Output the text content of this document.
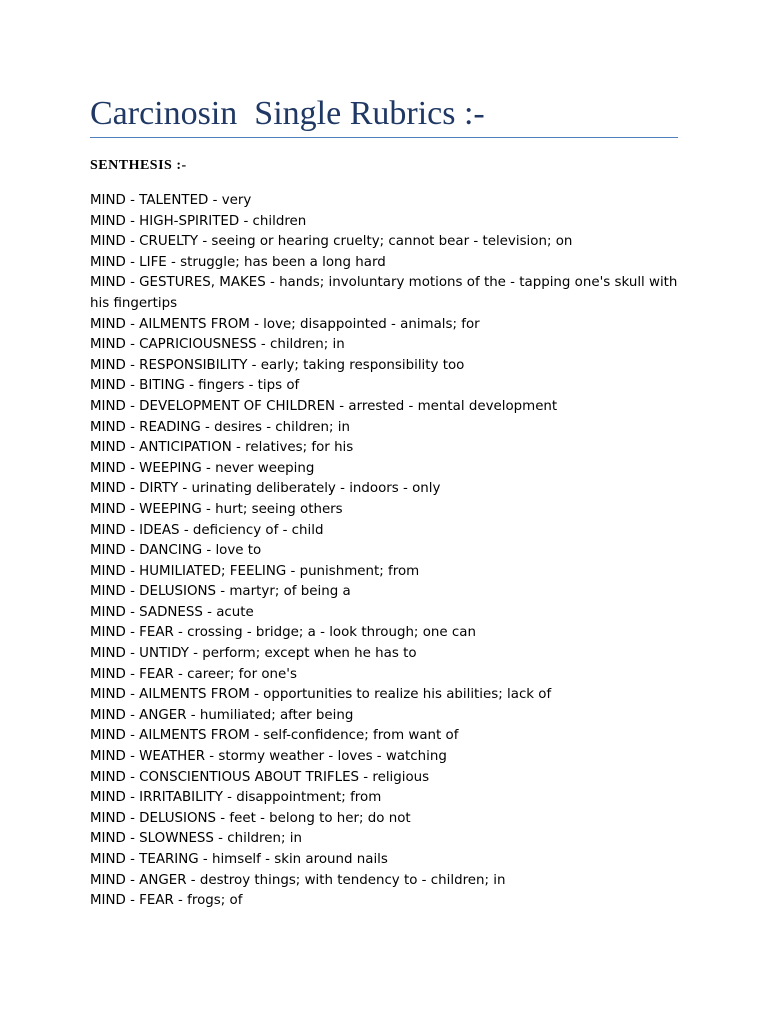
Carcinosin  Single Rubrics :-
SENTHESIS :-
MIND - TALENTED - very
MIND - HIGH-SPIRITED - children
MIND - CRUELTY - seeing or hearing cruelty; cannot bear - television; on
MIND - LIFE - struggle; has been a long hard
MIND - GESTURES, MAKES - hands; involuntary motions of the - tapping one's skull with his fingertips
MIND - AILMENTS FROM - love; disappointed - animals; for
MIND - CAPRICIOUSNESS - children; in
MIND - RESPONSIBILITY - early; taking responsibility too
MIND - BITING - fingers - tips of
MIND - DEVELOPMENT OF CHILDREN - arrested - mental development
MIND - READING - desires - children; in
MIND - ANTICIPATION - relatives; for his
MIND - WEEPING - never weeping
MIND - DIRTY - urinating deliberately - indoors - only
MIND - WEEPING - hurt; seeing others
MIND - IDEAS - deficiency of - child
MIND - DANCING - love to
MIND - HUMILIATED; FEELING - punishment; from
MIND - DELUSIONS - martyr; of being a
MIND - SADNESS - acute
MIND - FEAR - crossing - bridge; a - look through; one can
MIND - UNTIDY - perform; except when he has to
MIND - FEAR - career; for one's
MIND - AILMENTS FROM - opportunities to realize his abilities; lack of
MIND - ANGER - humiliated; after being
MIND - AILMENTS FROM - self-confidence; from want of
MIND - WEATHER - stormy weather - loves - watching
MIND - CONSCIENTIOUS ABOUT TRIFLES - religious
MIND - IRRITABILITY - disappointment; from
MIND - DELUSIONS - feet - belong to her; do not
MIND - SLOWNESS - children; in
MIND - TEARING - himself - skin around nails
MIND - ANGER - destroy things; with tendency to - children; in
MIND - FEAR - frogs; of
